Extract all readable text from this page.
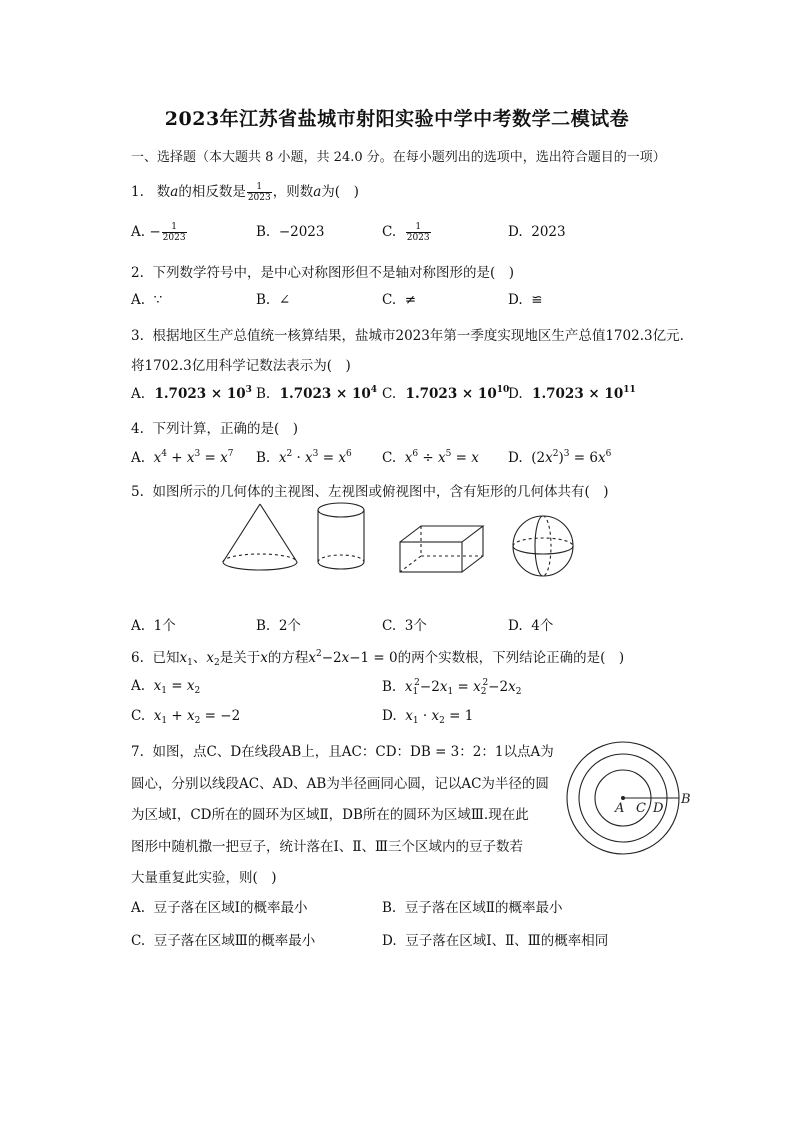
2023年江苏省盐城市射阳实验中学中考数学二模试卷
一、选择题（本大题共 8 小题，共 24.0 分。在每小题列出的选项中，选出符合题目的一项）
1. 数a的相反数是 $\frac{1}{2023}$ ，则数a为(　)
A. − $\frac{1}{2023}$	B. −2023	C. $\frac{1}{2023}$	D. 2023
2. 下列数学符号中，是中心对称图形但不是轴对称图形的是(　)
A. ∵	B. ∠	C. ≠	D. ≌
3. 根据地区生产总值统一核算结果，盐城市2023年第一季度实现地区生产总值1702.3亿元.
将1702.3亿用科学记数法表示为(　)
A. $1.7023 \times 10^3$ B. $1.7023 \times 10^4$ C. $1.7023 \times 10^{10}$
D. $1.7023 \times 10^{11}$
4. 下列计算，正确的是(　)
A. $x^4 + x^3 = x^7$ B. $x^2 \cdot x^3 = x^6$ C. $x^6 \div x^5 = x$ D.  $(2x^2)^3 = 6x^6$
5. 如图所示的几何体的主视图、左视图或俯视图中，含有矩形的几何体共有(　)
A. 1个	B. 2个	C. 3个	D. 4个
6. 已知$x_1$、$x_2$是关于x的方程$x^2-2x-1 = 0$的两个实数根，下列结论正确的是(　)
A. $x_1 = x_2$	B. $x_1^2-2x_1 = x_2^2-2x_2$
C. $x_1 + x_2 = -2$	D. $x_1 \cdot x_2 = 1$
7. 如图，点C、D在线段AB上，且AC：CD：DB = 3：2：1以点A为
圆心，分别以线段AC、AD、AB为半径画同心圆，记以AC为半径的圆
为区域Ⅰ，CD所在的圆环为区域Ⅱ，DB所在的圆环为区域Ⅲ.现在此
图形中随机撒一把豆子，统计落在Ⅰ、Ⅱ、Ⅲ三个区域内的豆子数若
大量重复此实验，则(　)
A C D
B
A. 豆子落在区域Ⅰ的概率最小	B. 豆子落在区域Ⅱ的概率最小
C. 豆子落在区域Ⅲ的概率最小	D. 豆子落在区域Ⅰ、Ⅱ、Ⅲ的概率相同
